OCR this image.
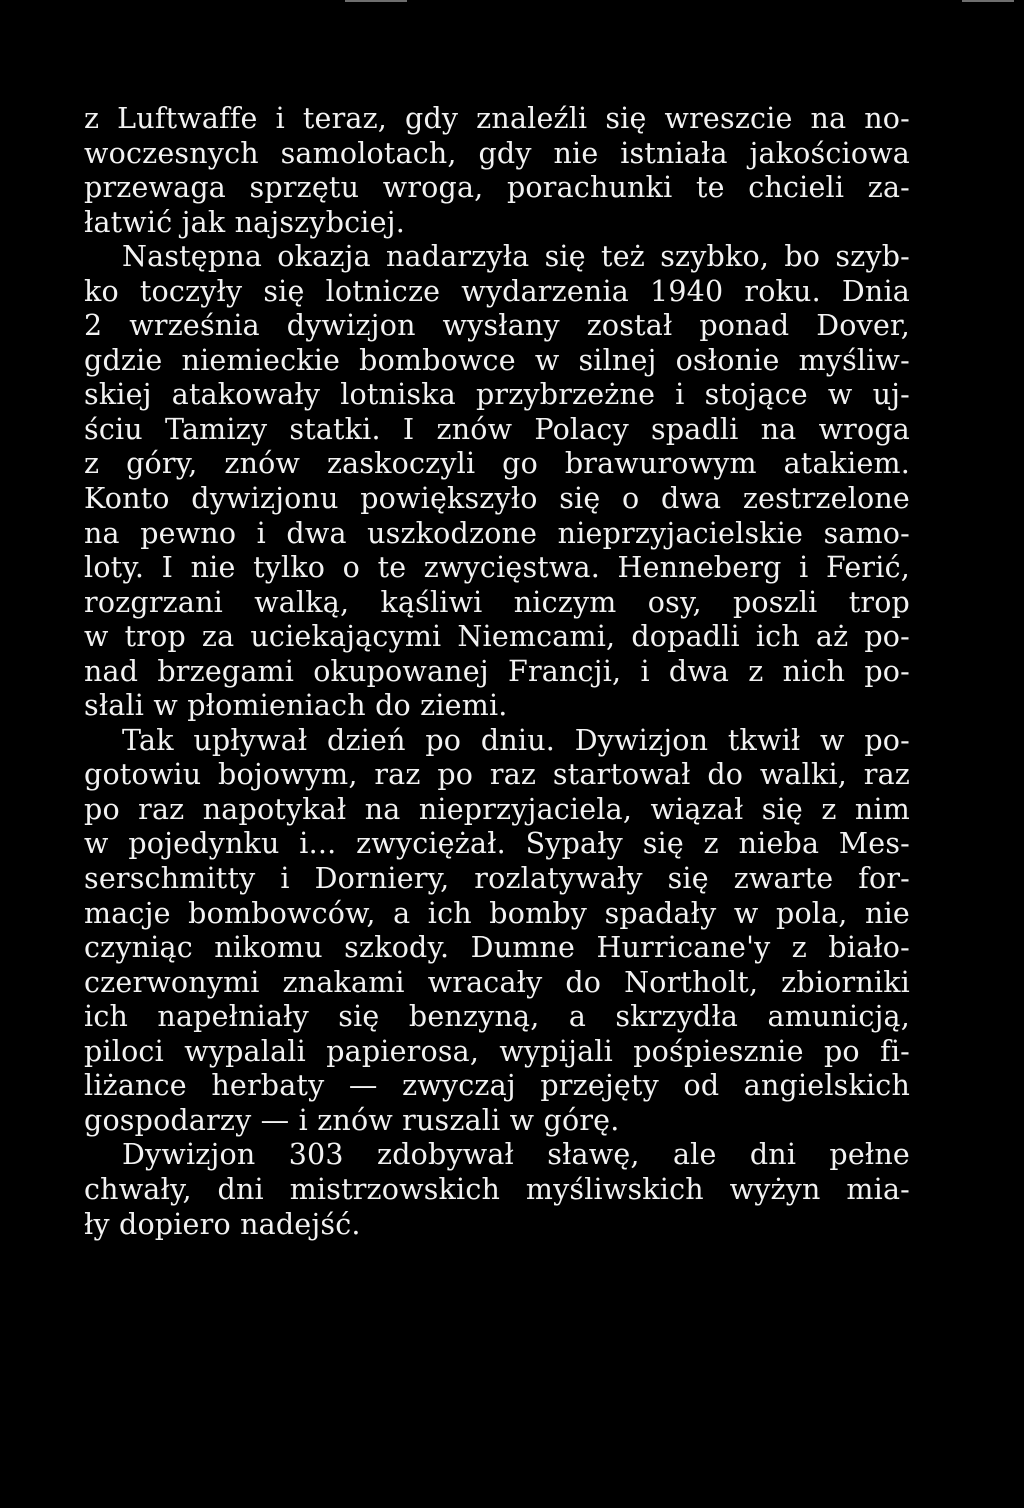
z Luftwaffe i teraz, gdy znaleźli się wreszcie na no-
woczesnych samolotach, gdy nie istniała jakościowa
przewaga sprzętu wroga, porachunki te chcieli za-
łatwić jak najszybciej.
Następna okazja nadarzyła się też szybko, bo szyb-
ko toczyły się lotnicze wydarzenia 1940 roku. Dnia
2 września dywizjon wysłany został ponad Dover,
gdzie niemieckie bombowce w silnej osłonie myśliw-
skiej atakowały lotniska przybrzeżne i stojące w uj-
ściu Tamizy statki. I znów Polacy spadli na wroga
z góry, znów zaskoczyli go brawurowym atakiem.
Konto dywizjonu powiększyło się o dwa zestrzelone
na pewno i dwa uszkodzone nieprzyjacielskie samo-
loty. I nie tylko o te zwycięstwa. Henneberg i Ferić,
rozgrzani walką, kąśliwi niczym osy, poszli trop
w trop za uciekającymi Niemcami, dopadli ich aż po-
nad brzegami okupowanej Francji, i dwa z nich po-
słali w płomieniach do ziemi.
Tak upływał dzień po dniu. Dywizjon tkwił w po-
gotowiu bojowym, raz po raz startował do walki, raz
po raz napotykał na nieprzyjaciela, wiązał się z nim
w pojedynku i... zwyciężał. Sypały się z nieba Mes-
serschmitty i Dorniery, rozlatywały się zwarte for-
macje bombowców, a ich bomby spadały w pola, nie
czyniąc nikomu szkody. Dumne Hurricane'y z biało-
czerwonymi znakami wracały do Northolt, zbiorniki
ich napełniały się benzyną, a skrzydła amunicją,
piloci wypalali papierosa, wypijali pośpiesznie po fi-
liżance herbaty — zwyczaj przejęty od angielskich
gospodarzy — i znów ruszali w górę.
Dywizjon 303 zdobywał sławę, ale dni pełne
chwały, dni mistrzowskich myśliwskich wyżyn mia-
ły dopiero nadejść.
